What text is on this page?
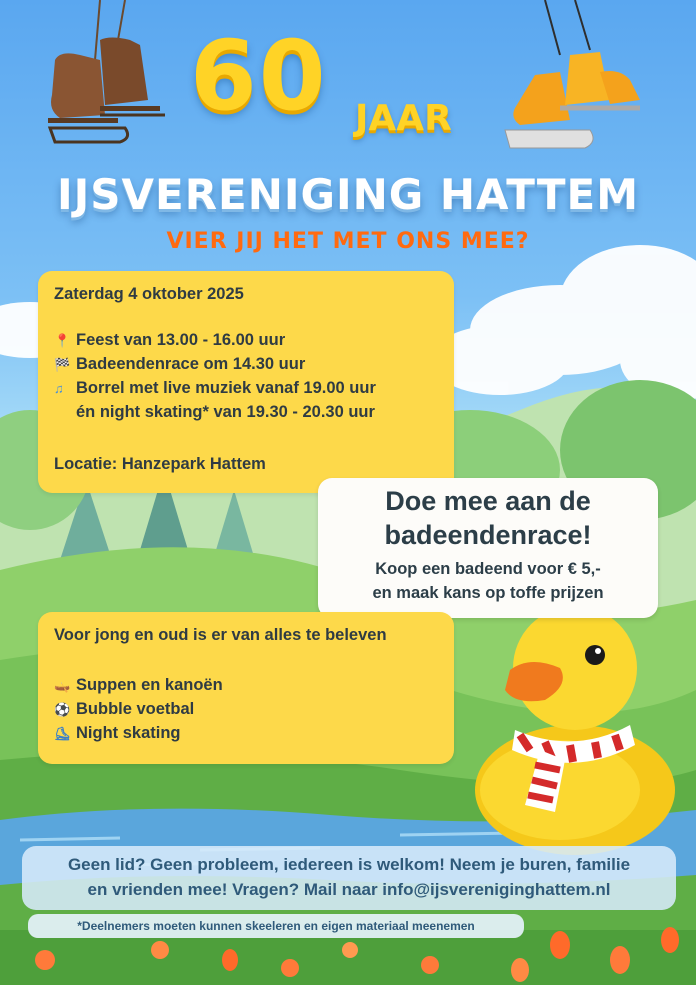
60 JAAR
IJSVERENIGING HATTEM
VIER JIJ HET MET ONS MEE?
Zaterdag 4 oktober 2025
📍 Feest van 13.00 - 16.00 uur
🏁 Badeendenrace om 14.30 uur
♫ Borrel met live muziek vanaf 19.00 uur
én night skating* van 19.30 - 20.30 uur
Locatie: Hanzepark Hattem
Doe mee aan de
badeendenrace!
Koop een badeend voor € 5,-
en maak kans op toffe prijzen
Voor jong en oud is er van alles te beleven
🛶 Suppen en kanoën
⚽ Bubble voetbal
⛸ Night skating
Geen lid? Geen probleem, iedereen is welkom! Neem je buren, familie
en vrienden mee! Vragen? Mail naar info@ijsvereniginghattem.nl
*Deelnemers moeten kunnen skeeleren en eigen materiaal meenemen
